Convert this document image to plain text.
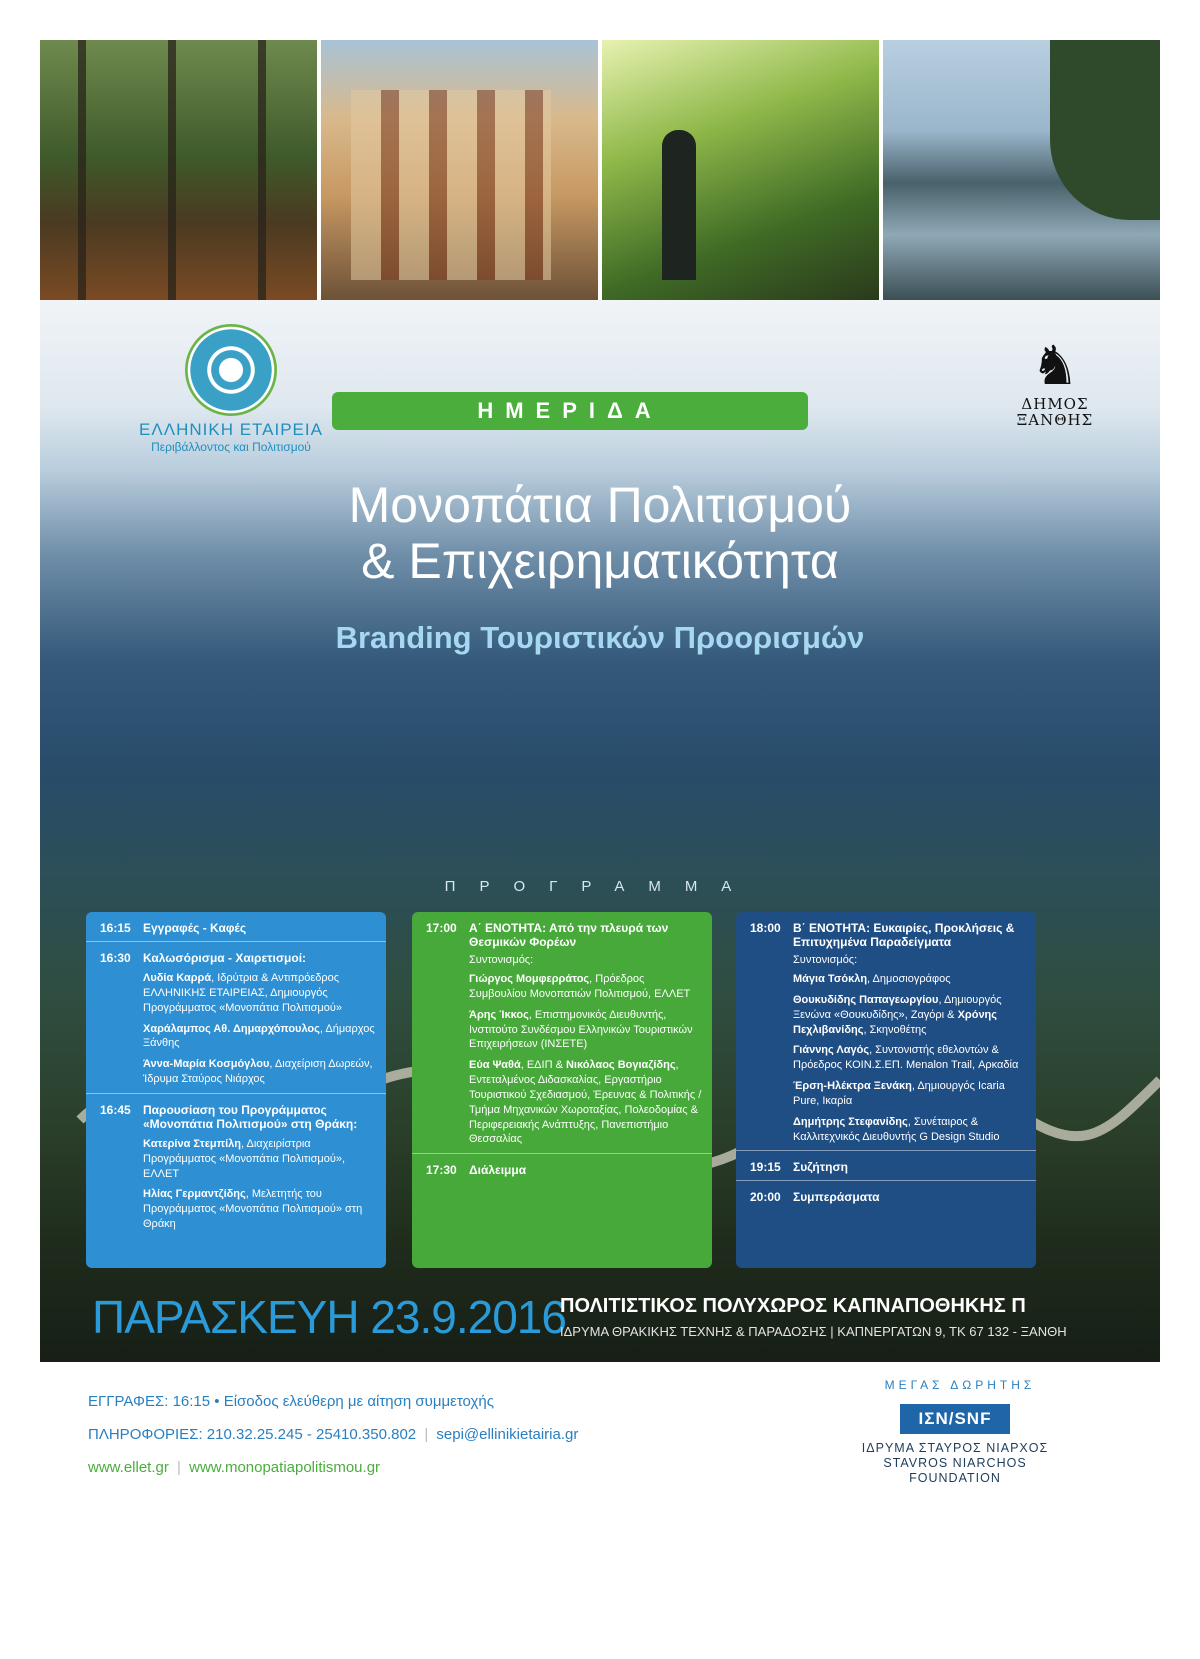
ΕΛΛΗΝΙΚΗ ΕΤΑΙΡΕΙΑ
Περιβάλλοντος και Πολιτισμού
♞
ΔΗΜΟΣ
ΞΑΝΘΗΣ
ΗΜΕΡΙΔΑ
Μονοπάτια Πολιτισμού
& Επιχειρηματικότητα
Branding Τουριστικών Προορισμών
ΠΡΟΓΡΑΜΜΑ
16:15	Εγγραφές - Καφές
16:30	Καλωσόρισμα - Χαιρετισμοί:
Λυδία Καρρά, Ιδρύτρια & Αντιπρόεδρος ΕΛΛΗΝΙΚΗΣ ΕΤΑΙΡΕΙΑΣ, Δημιουργός Προγράμματος «Μονοπάτια Πολιτισμού»
Χαράλαμπος Αθ. Δημαρχόπουλος, Δήμαρχος Ξάνθης
Άννα-Μαρία Κοσμόγλου, Διαχείριση Δωρεών, Ίδρυμα Σταύρος Νιάρχος
16:45	Παρουσίαση του Προγράμματος «Μονοπάτια Πολιτισμού» στη Θράκη:
Κατερίνα Στεμπίλη, Διαχειρίστρια Προγράμματος «Μονοπάτια Πολιτισμού», ΕΛΛΕΤ
Ηλίας Γερμαντζίδης, Μελετητής του Προγράμματος «Μονοπάτια Πολιτισμού» στη Θράκη
17:00	Α΄ ΕΝΟΤΗΤΑ: Από την πλευρά των Θεσμικών Φορέων
Συντονισμός:
Γιώργος Μομφερράτος, Πρόεδρος Συμβουλίου Μονοπατιών Πολιτισμού, ΕΛΛΕΤ
Άρης Ίκκος, Επιστημονικός Διευθυντής, Ινστιτούτο Συνδέσμου Ελληνικών Τουριστικών Επιχειρήσεων (ΙΝΣΕΤΕ)
Εύα Ψαθά, ΕΔΙΠ & Νικόλαος Βογιαζίδης, Εντεταλμένος Διδασκαλίας, Εργαστήριο Τουριστικού Σχεδιασμού, Έρευνας & Πολιτικής / Τμήμα Μηχανικών Χωροταξίας, Πολεοδομίας & Περιφερειακής Ανάπτυξης, Πανεπιστήμιο Θεσσαλίας
17:30	Διάλειμμα
18:00	Β΄ ΕΝΟΤΗΤΑ: Ευκαιρίες, Προκλήσεις & Επιτυχημένα Παραδείγματα
Συντονισμός:
Μάγια Τσόκλη, Δημοσιογράφος
Θουκυδίδης Παπαγεωργίου, Δημιουργός Ξενώνα «Θουκυδίδης», Ζαγόρι & Χρόνης Πεχλιβανίδης, Σκηνοθέτης
Γιάννης Λαγός, Συντονιστής εθελοντών & Πρόεδρος ΚΟΙΝ.Σ.ΕΠ. Menalon Trail, Αρκαδία
Έρση-Ηλέκτρα Ξενάκη, Δημιουργός Icaria Pure, Ικαρία
Δημήτρης Στεφανίδης, Συνέταιρος & Καλλιτεχνικός Διευθυντής G Design Studio
19:15	Συζήτηση
20:00	Συμπεράσματα
ΠΑΡΑΣΚΕΥΗ 23.9.2016
ΠΟΛΙΤΙΣΤΙΚΟΣ ΠΟΛΥΧΩΡΟΣ ΚΑΠΝΑΠΟΘΗΚΗΣ Π
ΙΔΡΥΜΑ ΘΡΑΚΙΚΗΣ ΤΕΧΝΗΣ & ΠΑΡΑΔΟΣΗΣ | ΚΑΠΝΕΡΓΑΤΩΝ 9, ΤΚ 67 132 - ΞΑΝΘΗ
ΕΓΓΡΑΦΕΣ: 16:15 • Είσοδος ελεύθερη με αίτηση συμμετοχής
ΠΛΗΡΟΦΟΡΙΕΣ: 210.32.25.245 - 25410.350.802 | sepi@ellinikietairia.gr
www.ellet.gr | www.monopatiapolitismou.gr
ΜΕΓΑΣ ΔΩΡΗΤΗΣ
ΙΣΝ/SNF
ΙΔΡΥΜΑ ΣΤΑΥΡΟΣ ΝΙΑΡΧΟΣ
STAVROS NIARCHOS
FOUNDATION
